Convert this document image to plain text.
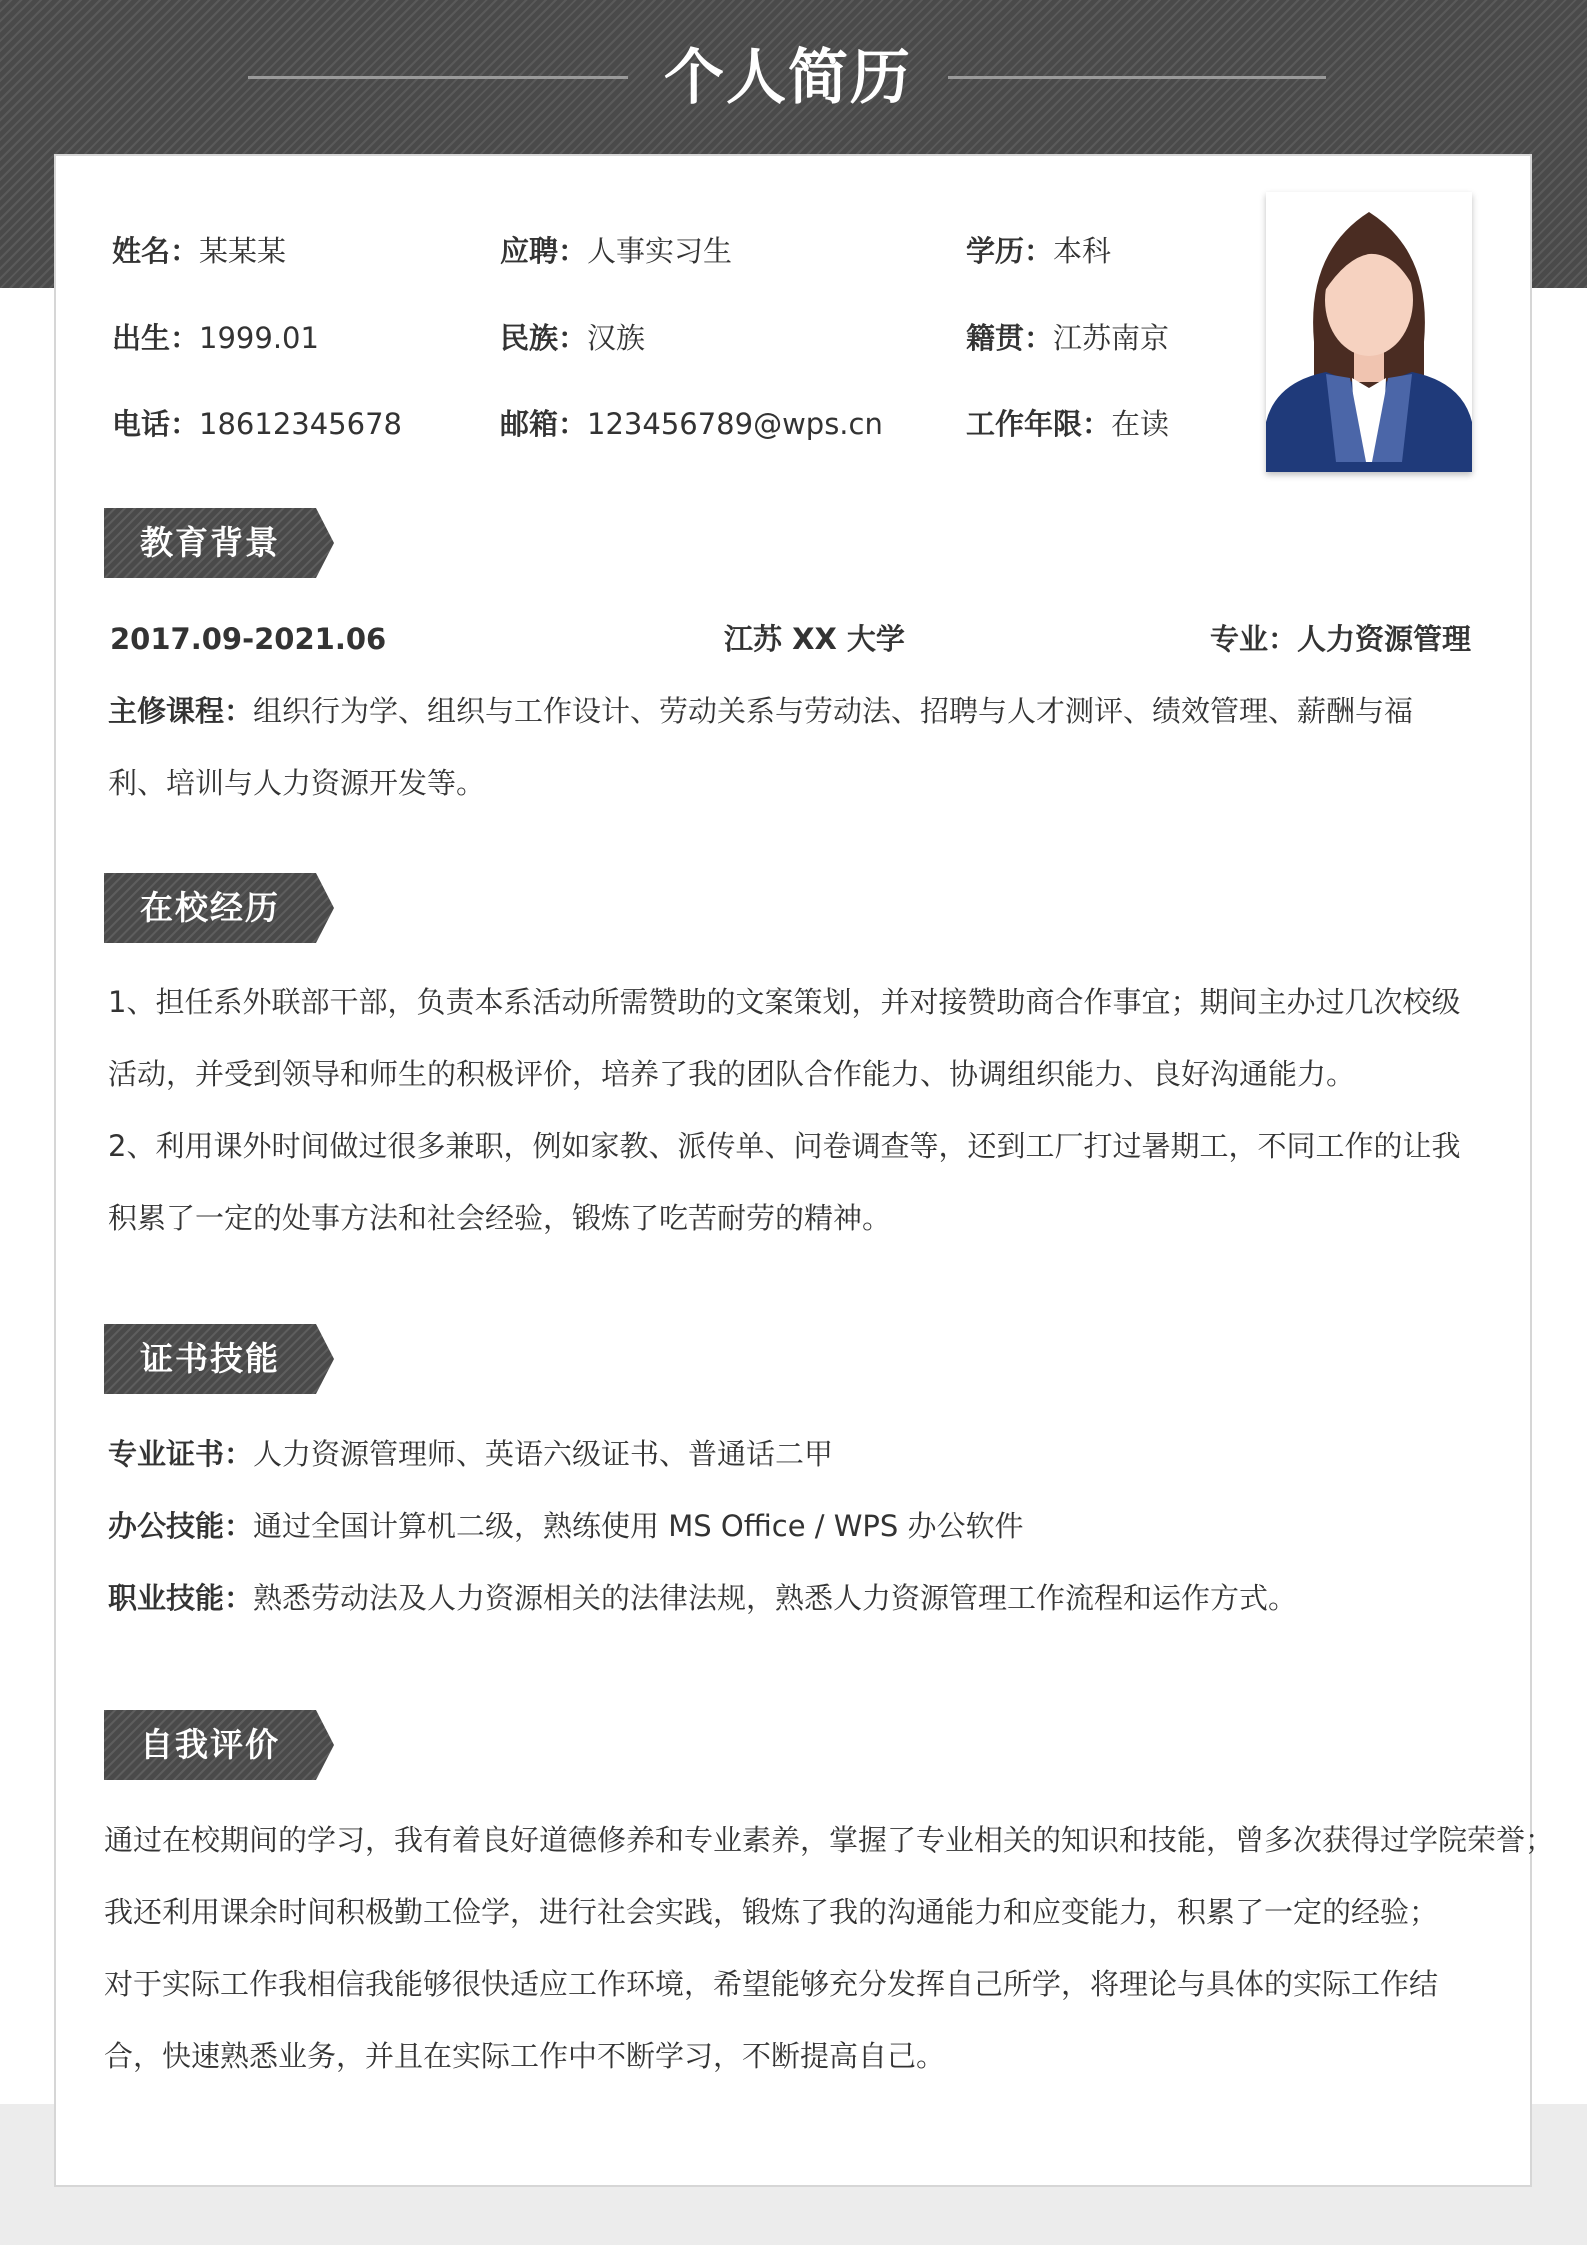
个人简历
姓名：某某某	应聘：人事实习生	学历：本科
出生：1999.01	民族：汉族	籍贯：江苏南京
电话：18612345678	邮箱：123456789@wps.cn	工作年限：在读
教育背景
2017.09-2021.06	江苏 XX 大学	专业：人力资源管理
主修课程：组织行为学、组织与工作设计、劳动关系与劳动法、招聘与人才测评、绩效管理、薪酬与福利、培训与人力资源开发等。
在校经历
1、担任系外联部干部，负责本系活动所需赞助的文案策划，并对接赞助商合作事宜；期间主办过几次校级活动，并受到领导和师生的积极评价，培养了我的团队合作能力、协调组织能力、良好沟通能力。
2、利用课外时间做过很多兼职，例如家教、派传单、问卷调查等，还到工厂打过暑期工，不同工作的让我积累了一定的处事方法和社会经验，锻炼了吃苦耐劳的精神。
证书技能
专业证书：人力资源管理师、英语六级证书、普通话二甲
办公技能：通过全国计算机二级，熟练使用 MS Office / WPS 办公软件
职业技能：熟悉劳动法及人力资源相关的法律法规，熟悉人力资源管理工作流程和运作方式。
自我评价
通过在校期间的学习，我有着良好道德修养和专业素养，掌握了专业相关的知识和技能，曾多次获得过学院荣誉；
我还利用课余时间积极勤工俭学，进行社会实践，锻炼了我的沟通能力和应变能力，积累了一定的经验；
对于实际工作我相信我能够很快适应工作环境，希望能够充分发挥自己所学，将理论与具体的实际工作结合，快速熟悉业务，并且在实际工作中不断学习，不断提高自己。
